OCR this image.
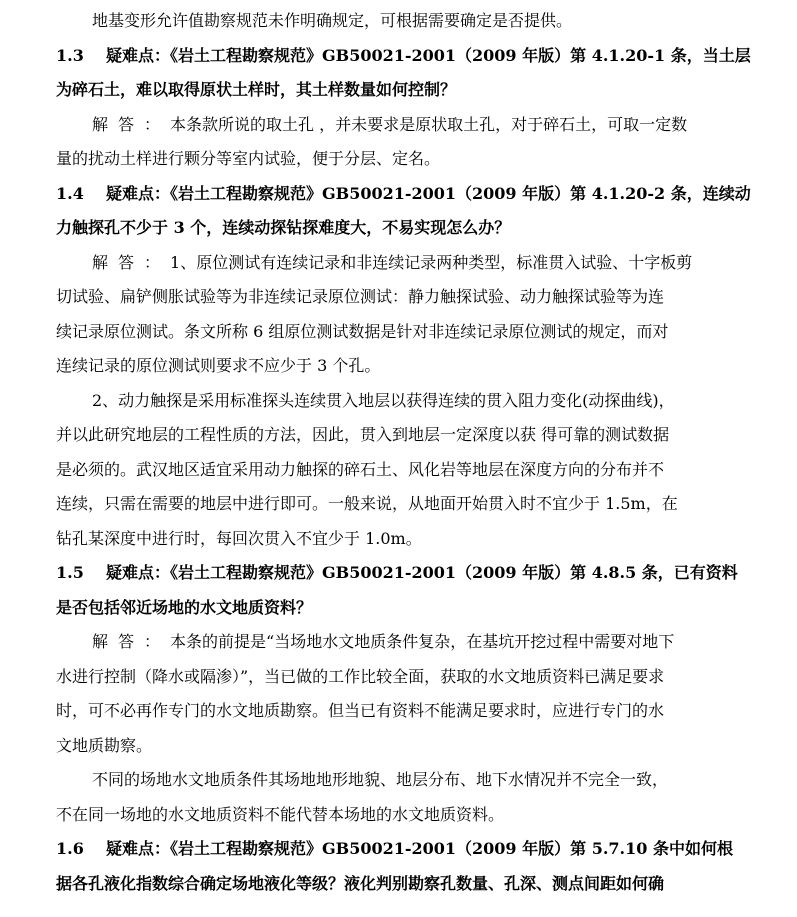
地基变形允许值勘察规范未作明确规定，可根据需要确定是否提供。
1.3 疑难点：《岩土工程勘察规范》GB50021-2001（2009 年版）第 4.1.20-1 条，当土层
为碎石土，难以取得原状土样时，其土样数量如何控制？
解答：本条款所说的取土孔 ，并未要求是原状取土孔，对于碎石土，可取一定数
量的扰动土样进行颗分等室内试验，便于分层、定名。
1.4 疑难点：《岩土工程勘察规范》GB50021-2001（2009 年版）第 4.1.20-2 条，连续动
力触探孔不少于 3 个，连续动探钻探难度大，不易实现怎么办？
解答：1、原位测试有连续记录和非连续记录两种类型，标准贯入试验、十字板剪
切试验、扁铲侧胀试验等为非连续记录原位测试：静力触探试验、动力触探试验等为连
续记录原位测试。条文所称 6 组原位测试数据是针对非连续记录原位测试的规定，而对
连续记录的原位测试则要求不应少于 3 个孔。
2、动力触探是采用标准探头连续贯入地层以获得连续的贯入阻力变化(动探曲线)，
并以此研究地层的工程性质的方法，因此，贯入到地层一定深度以获 得可靠的测试数据
是必须的。武汉地区适宜采用动力触探的碎石土、风化岩等地层在深度方向的分布并不
连续，只需在需要的地层中进行即可。一般来说，从地面开始贯入时不宜少于 1.5m，在
钻孔某深度中进行时，每回次贯入不宜少于 1.0m。
1.5 疑难点：《岩土工程勘察规范》GB50021-2001（2009 年版）第 4.8.5 条，已有资料
是否包括邻近场地的水文地质资料？
解答：本条的前提是“当场地水文地质条件复杂，在基坑开挖过程中需要对地下
水进行控制（降水或隔渗）”，当已做的工作比较全面，获取的水文地质资料已满足要求
时，可不必再作专门的水文地质勘察。但当已有资料不能满足要求时，应进行专门的水
文地质勘察。
不同的场地水文地质条件其场地地形地貌、地层分布、地下水情况并不完全一致，
不在同一场地的水文地质资料不能代替本场地的水文地质资料。
1.6 疑难点：《岩土工程勘察规范》GB50021-2001（2009 年版）第 5.7.10 条中如何根
据各孔液化指数综合确定场地液化等级？液化判别勘察孔数量、孔深、测点间距如何确
